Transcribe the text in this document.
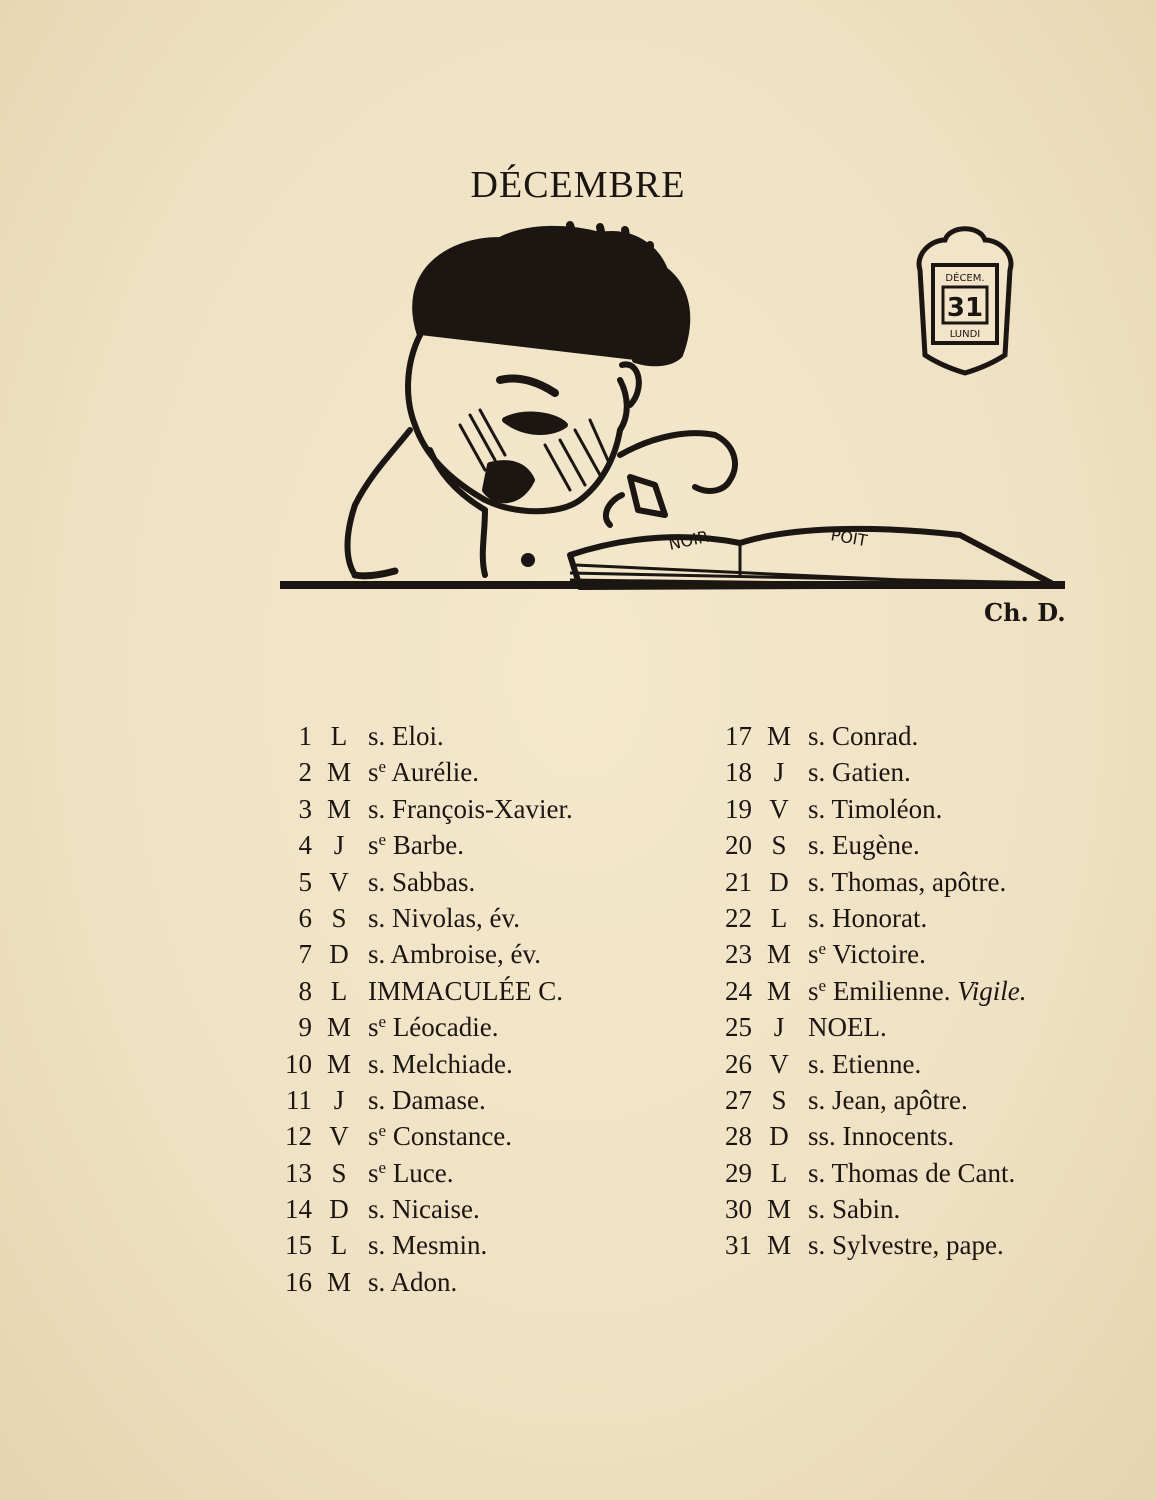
DÉCEMBRE
NOIR	POIT
DÉCEM.
31
LUNDI
Ch. D.
1 L s. Eloi.
2 M $s^e$ Aurélie.
3 M s. François-Xavier.
4 J $s^e$ Barbe.
5 V s. Sabbas.
6 S s. Nivolas, év.
7 D s. Ambroise, év.
8 L IMMACULÉE C.
9 M $s^e$ Léocadie.
10 M s. Melchiade.
11 J s. Damase.
12 V $s^e$ Constance.
13 S $s^e$ Luce.
14 D s. Nicaise.
15 L s. Mesmin.
16 M s. Adon.
17 M s. Conrad.
18 J s. Gatien.
19 V s. Timoléon.
20 S s. Eugène.
21 D s. Thomas, apôtre.
22 L s. Honorat.
23 M $s^e$ Victoire.
24 M $s^e$ Emilienne. Vigile.
25 J NOEL.
26 V s. Etienne.
27 S s. Jean, apôtre.
28 D ss. Innocents.
29 L s. Thomas de Cant.
30 M s. Sabin.
31 M s. Sylvestre, pape.
